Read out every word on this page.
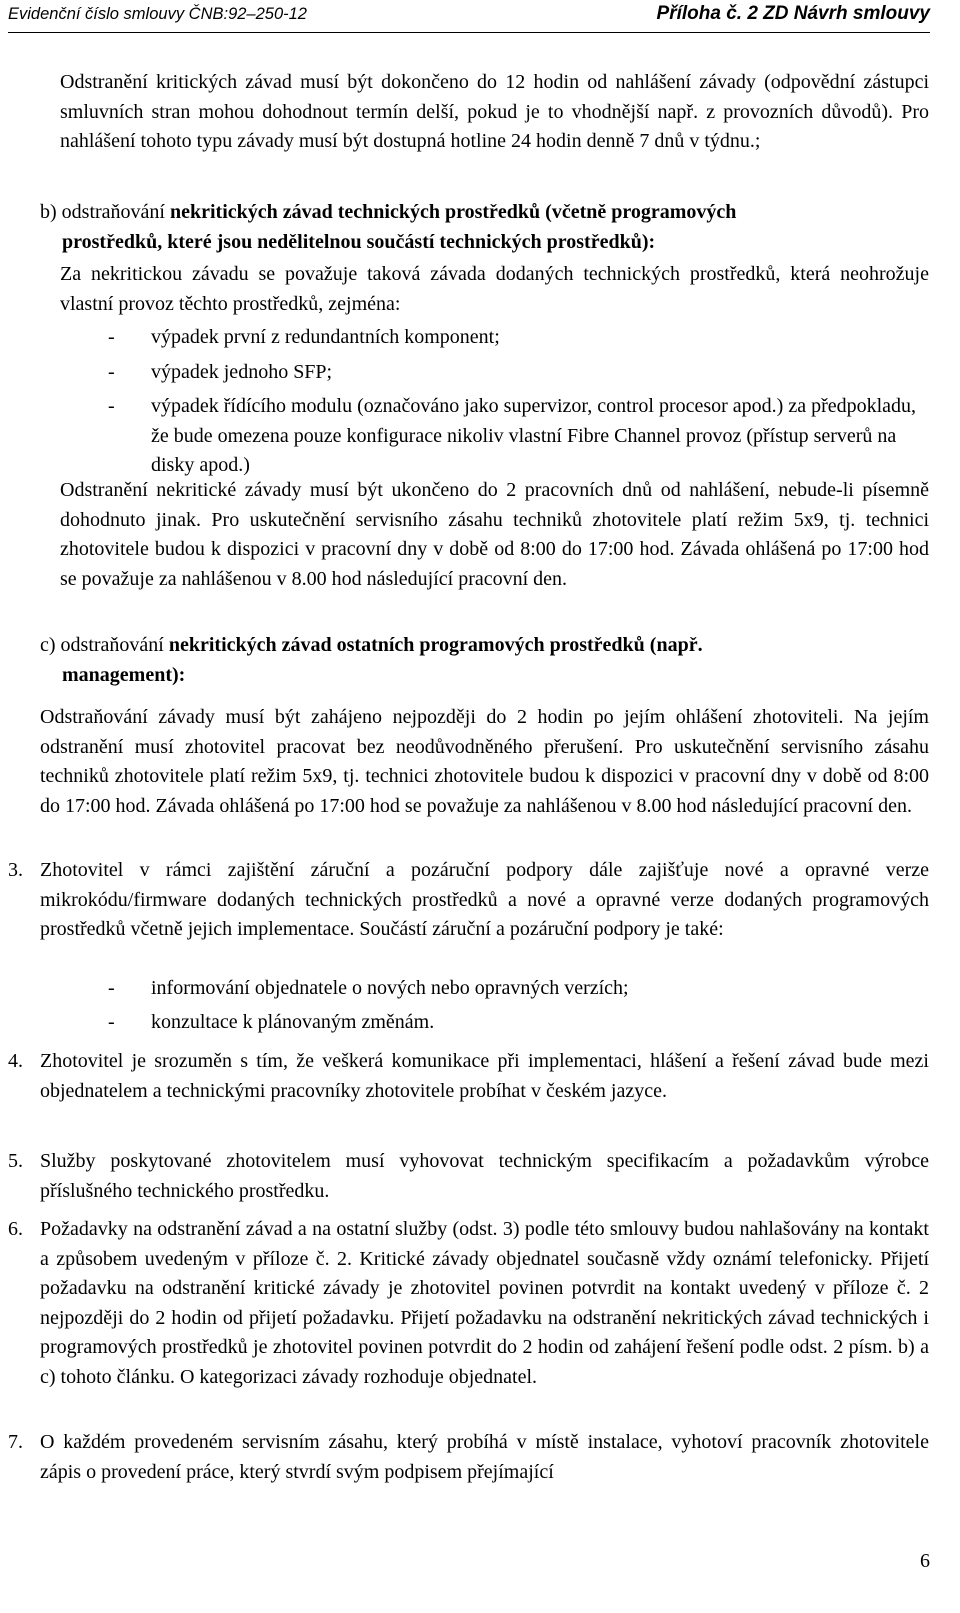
Evidenční číslo smlouvy ČNB:92–250-12	Příloha č. 2 ZD Návrh smlouvy
Odstranění kritických závad musí být dokončeno do 12 hodin od nahlášení závady (odpovědní zástupci smluvních stran mohou dohodnout termín delší, pokud je to vhodnější např. z provozních důvodů). Pro nahlášení tohoto typu závady musí být dostupná hotline 24 hodin denně 7 dnů v týdnu.;
b) odstraňování nekritických závad technických prostředků (včetně programových
prostředků, které jsou nedělitelnou součástí technických prostředků):
Za nekritickou závadu se považuje taková závada dodaných technických prostředků, která neohrožuje vlastní provoz těchto prostředků, zejména:
- výpadek první z redundantních komponent;
- výpadek jednoho SFP;
- výpadek řídícího modulu (označováno jako supervizor, control procesor apod.) za předpokladu, že bude omezena pouze konfigurace nikoliv vlastní Fibre Channel provoz (přístup serverů na disky apod.)
Odstranění nekritické závady musí být ukončeno do 2 pracovních dnů od nahlášení, nebude-li písemně dohodnuto jinak. Pro uskutečnění servisního zásahu techniků zhotovitele platí režim 5x9, tj. technici zhotovitele budou k dispozici v pracovní dny v době od 8:00 do 17:00 hod. Závada ohlášená po 17:00 hod se považuje za nahlášenou v 8.00 hod následující pracovní den.
c) odstraňování nekritických závad ostatních programových prostředků (např.
management):
Odstraňování závady musí být zahájeno nejpozději do 2 hodin po jejím ohlášení zhotoviteli. Na jejím odstranění musí zhotovitel pracovat bez neodůvodněného přerušení. Pro uskutečnění servisního zásahu techniků zhotovitele platí režim 5x9, tj. technici zhotovitele budou k dispozici v pracovní dny v době od 8:00 do 17:00 hod. Závada ohlášená po 17:00 hod se považuje za nahlášenou v 8.00 hod následující pracovní den.
3. Zhotovitel v rámci zajištění záruční a pozáruční podpory dále zajišťuje nové a opravné verze mikrokódu/firmware dodaných technických prostředků a nové a opravné verze dodaných programových prostředků včetně jejich implementace. Součástí záruční a pozáruční podpory je také:
- informování objednatele o nových nebo opravných verzích;
- konzultace k plánovaným změnám.
4. Zhotovitel je srozuměn s tím, že veškerá komunikace při implementaci, hlášení a řešení závad bude mezi objednatelem a technickými pracovníky zhotovitele probíhat v českém jazyce.
5. Služby poskytované zhotovitelem musí vyhovovat technickým specifikacím a požadavkům výrobce příslušného technického prostředku.
6. Požadavky na odstranění závad a na ostatní služby (odst. 3) podle této smlouvy budou nahlašovány na kontakt a způsobem uvedeným v příloze č. 2. Kritické závady objednatel současně vždy oznámí telefonicky. Přijetí požadavku na odstranění kritické závady je zhotovitel povinen potvrdit na kontakt uvedený v příloze č. 2 nejpozději do 2 hodin od přijetí požadavku. Přijetí požadavku na odstranění nekritických závad technických i programových prostředků je zhotovitel povinen potvrdit do 2 hodin od zahájení řešení podle odst. 2 písm. b) a c) tohoto článku. O kategorizaci závady rozhoduje objednatel.
7. O každém provedeném servisním zásahu, který probíhá v místě instalace, vyhotoví pracovník zhotovitele zápis o provedení práce, který stvrdí svým podpisem přejímající
6
